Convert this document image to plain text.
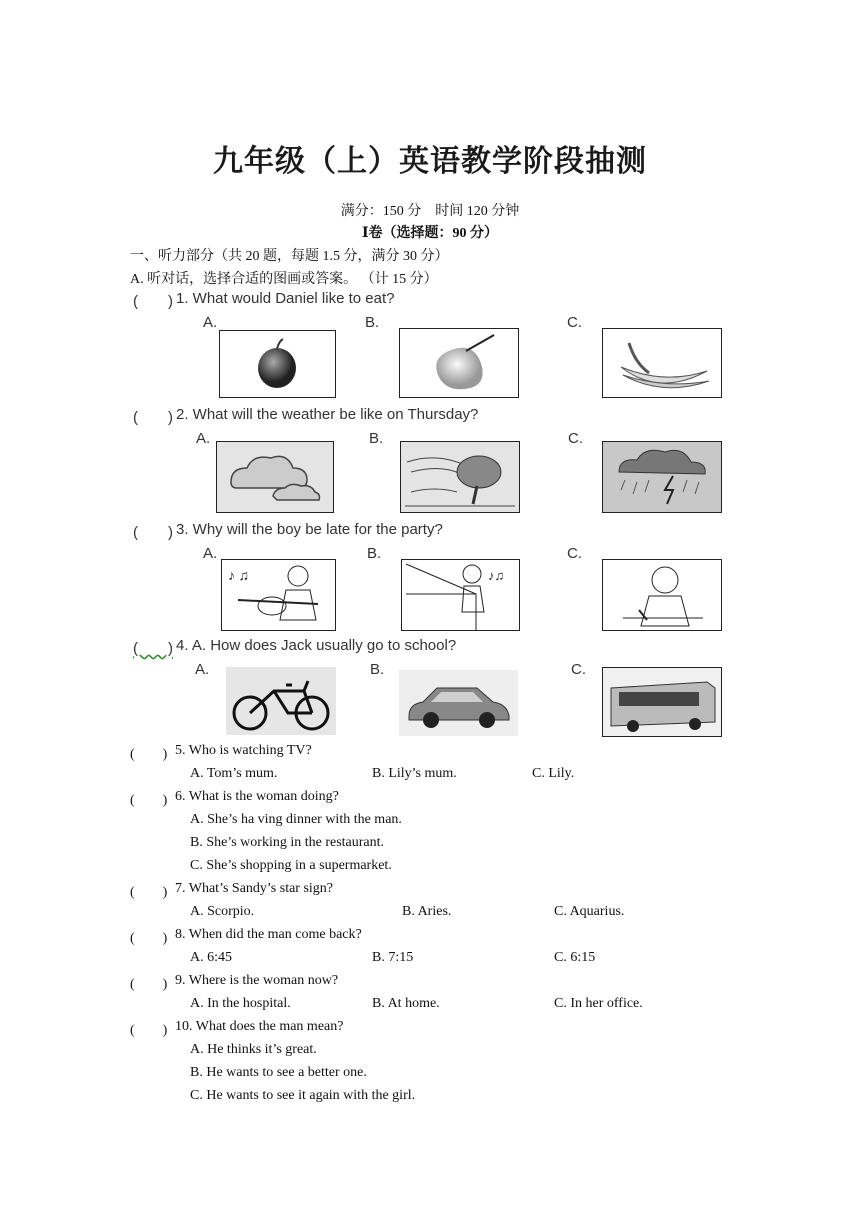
九年级（上）英语教学阶段抽测
满分：150 分　时间 120 分钟
Ⅰ卷（选择题：90 分）
一、听力部分（共 20 题，每题 1.5 分，满分 30 分）
A. 听对话，选择合适的图画或答案。 （计 15 分）
(　　) 1. What would Daniel like to eat?
A.	B.	C.
(　　) 2. What will the weather be like on Thursday?
A.	B.	C.
(　　) 3. Why will the boy be late for the party?
A.	B.	C.
♪ ♫	♪♫
(　　) 4. A. How does Jack usually go to school?
A.	B.	C.
(　　) 5. Who is watching TV?
A. Tom’s mum.	B. Lily’s mum.	C. Lily.
(　　) 6. What is the woman doing?
A. She’s ha ving dinner with the man.
B. She’s working in the restaurant.
C. She’s shopping in a supermarket.
(　　) 7. What’s Sandy’s star sign?
A. Scorpio.	B. Aries.	C. Aquarius.
(　　) 8. When did the man come back?
A. 6:45	B. 7:15	C. 6:15
(　　) 9. Where is the woman now?
A. In the hospital.	B. At home.	C. In her office.
(　　) 10. What does the man mean?
A. He thinks it’s great.
B. He wants to see a better one.
C. He wants to see it again with the girl.
